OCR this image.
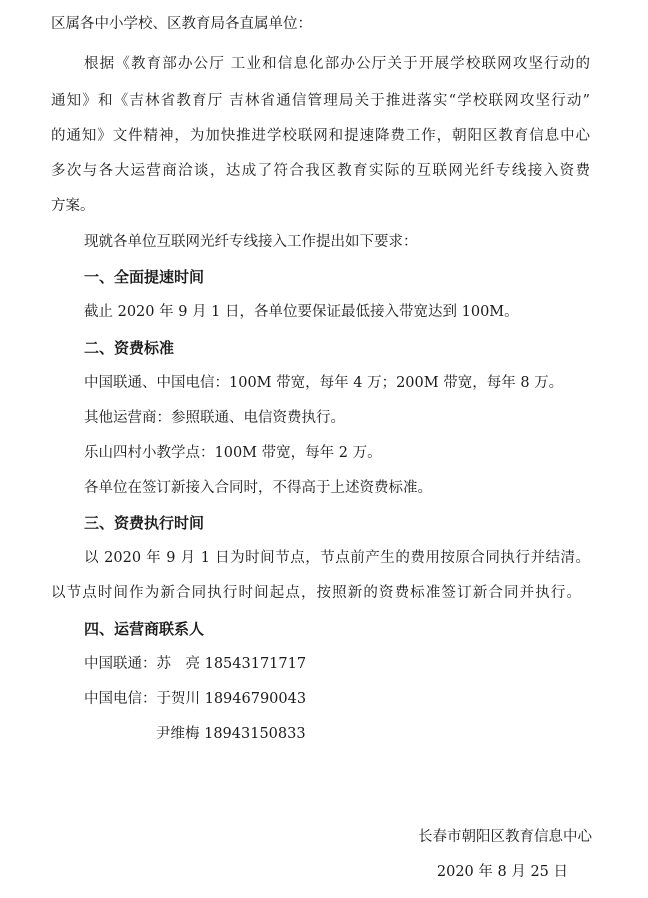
区属各中小学校、区教育局各直属单位：
根据《教育部办公厅 工业和信息化部办公厅关于开展学校联网攻坚行动的
通知》和《吉林省教育厅 吉林省通信管理局关于推进落实“学校联网攻坚行动”
的通知》文件精神，为加快推进学校联网和提速降费工作，朝阳区教育信息中心
多次与各大运营商洽谈，达成了符合我区教育实际的互联网光纤专线接入资费
方案。
现就各单位互联网光纤专线接入工作提出如下要求：
一、全面提速时间
截止 2020 年 9 月 1 日，各单位要保证最低接入带宽达到 100M。
二、资费标准
中国联通、中国电信：100M 带宽，每年 4 万；200M 带宽，每年 8 万。
其他运营商：参照联通、电信资费执行。
乐山四村小教学点：100M 带宽，每年 2 万。
各单位在签订新接入合同时，不得高于上述资费标准。
三、资费执行时间
以 2020 年 9 月 1 日为时间节点，节点前产生的费用按原合同执行并结清。
以节点时间作为新合同执行时间起点，按照新的资费标准签订新合同并执行。
四、运营商联系人
中国联通：苏　亮 18543171717
中国电信：于贺川 18946790043
尹维梅 18943150833
长春市朝阳区教育信息中心
2020 年 8 月 25 日
